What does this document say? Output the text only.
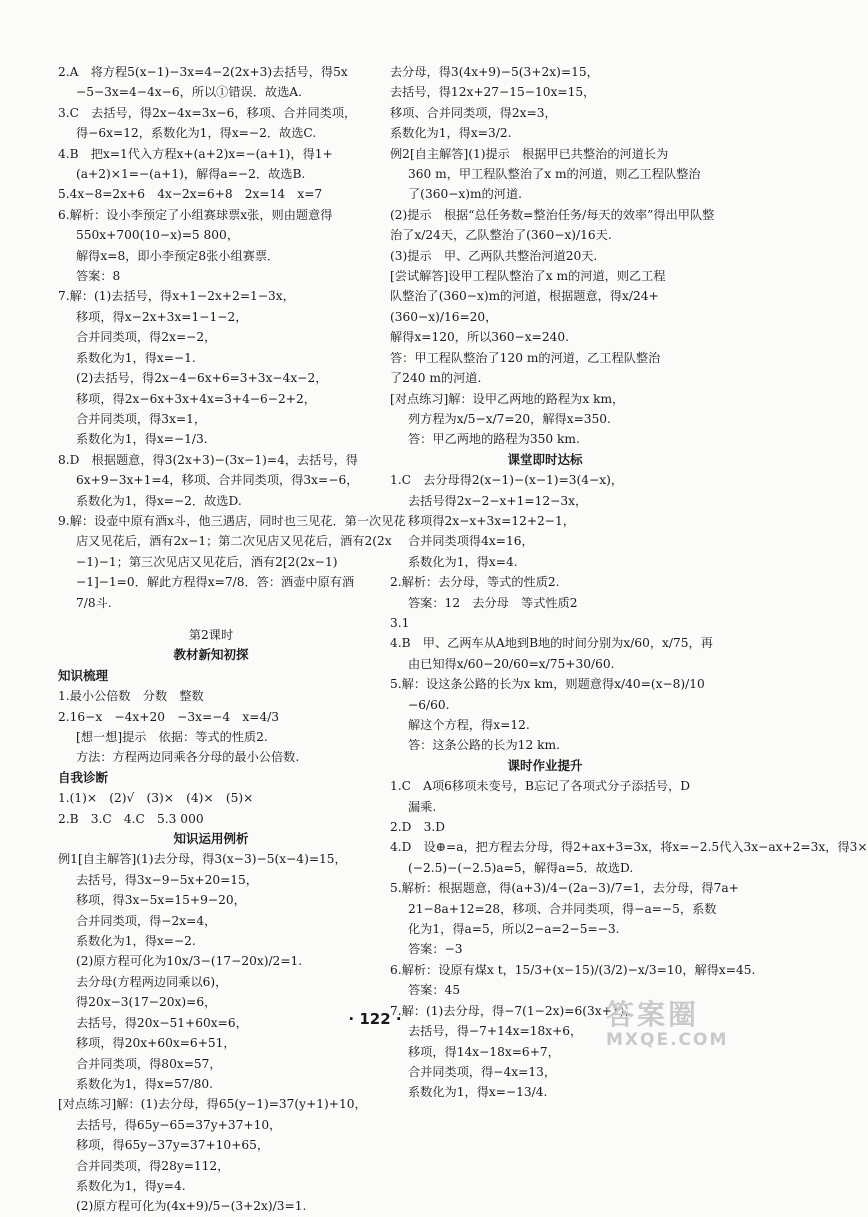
2.A　将方程5(x−1)−3x=4−2(2x+3)去括号，得5x
−5−3x=4−4x−6，所以①错误．故选A.
3.C　去括号，得2x−4x=3x−6，移项、合并同类项，
得−6x=12，系数化为1，得x=−2．故选C.
4.B　把x=1代入方程x+(a+2)x=−(a+1)，得1+
(a+2)×1=−(a+1)，解得a=−2．故选B.
5.4x−8=2x+6　4x−2x=6+8　2x=14　x=7
6.解析：设小李预定了小组赛球票x张，则由题意得
550x+700(10−x)=5 800，
解得x=8，即小李预定8张小组赛票．
答案：8
7.解：(1)去括号，得x+1−2x+2=1−3x，
移项，得x−2x+3x=1−1−2，
合并同类项，得2x=−2，
系数化为1，得x=−1.
(2)去括号，得2x−4−6x+6=3+3x−4x−2，
移项，得2x−6x+3x+4x=3+4−6−2+2，
合并同类项，得3x=1，
系数化为1，得x=−1/3.
8.D　根据题意，得3(2x+3)−(3x−1)=4，去括号，得
6x+9−3x+1=4，移项、合并同类项，得3x=−6，
系数化为1，得x=−2．故选D.
9.解：设壶中原有酒x斗，他三遇店，同时也三见花．第一次见花
店又见花后，酒有2x−1；第二次见店又见花后，酒有2(2x
−1)−1；第三次见店又见花后，酒有2[2(2x−1)
−1]−1=0．解此方程得x=7/8．答：酒壶中原有酒
7/8斗.
第2课时
教材新知初探
知识梳理
1.最小公倍数　分数　整数
2.16−x　−4x+20　−3x=−4　x=4/3
[想一想]提示　依据：等式的性质2.
方法：方程两边同乘各分母的最小公倍数.
自我诊断
1.(1)×　(2)√　(3)×　(4)×　(5)×
2.B　3.C　4.C　5.3 000
知识运用例析
例1[自主解答](1)去分母，得3(x−3)−5(x−4)=15，
去括号，得3x−9−5x+20=15，
移项，得3x−5x=15+9−20，
合并同类项，得−2x=4，
系数化为1，得x=−2.
(2)原方程可化为10x/3−(17−20x)/2=1.
去分母(方程两边同乘以6)，
得20x−3(17−20x)=6，
去括号，得20x−51+60x=6，
移项，得20x+60x=6+51，
合并同类项，得80x=57，
系数化为1，得x=57/80.
[对点练习]解：(1)去分母，得65(y−1)=37(y+1)+10，
去括号，得65y−65=37y+37+10，
移项，得65y−37y=37+10+65，
合并同类项，得28y=112，
系数化为1，得y=4.
(2)原方程可化为(4x+9)/5−(3+2x)/3=1.
去分母，得3(4x+9)−5(3+2x)=15，
去括号，得12x+27−15−10x=15，
移项、合并同类项，得2x=3，
系数化为1，得x=3/2.
例2[自主解答](1)提示　根据甲已共整治的河道长为
360 m，甲工程队整治了x m的河道，则乙工程队整治
了(360−x)m的河道.
(2)提示　根据“总任务数=整治任务/每天的效率”得出甲队整
治了x/24天，乙队整治了(360−x)/16天.
(3)提示　甲、乙两队共整治河道20天.
[尝试解答]设甲工程队整治了x m的河道，则乙工程
队整治了(360−x)m的河道，根据题意，得x/24+
(360−x)/16=20，
解得x=120，所以360−x=240.
答：甲工程队整治了120 m的河道，乙工程队整治
了240 m的河道.
[对点练习]解：设甲乙两地的路程为x km，
列方程为x/5−x/7=20，解得x=350.
答：甲乙两地的路程为350 km.
课堂即时达标
1.C　去分母得2(x−1)−(x−1)=3(4−x)，
去括号得2x−2−x+1=12−3x，
移项得2x−x+3x=12+2−1，
合并同类项得4x=16，
系数化为1，得x=4.
2.解析：去分母，等式的性质2.
答案：12　去分母　等式性质2
3.1
4.B　甲、乙两车从A地到B地的时间分别为x/60，x/75，再
由已知得x/60−20/60=x/75+30/60.
5.解：设这条公路的长为x km，则题意得x/40=(x−8)/10
−6/60.
解这个方程，得x=12.
答：这条公路的长为12 km.
课时作业提升
1.C　A项6移项未变号，B忘记了各项式分子添括号，D
漏乘.
2.D　3.D
4.D　设⊕=a，把方程去分母，得2+ax+3=3x，将x=−2.5代入3x−ax+2=3x，得3×
(−2.5)−(−2.5)a=5，解得a=5．故选D.
5.解析：根据题意，得(a+3)/4−(2a−3)/7=1，去分母，得7a+
21−8a+12=28，移项、合并同类项，得−a=−5，系数
化为1，得a=5，所以2−a=2−5=−3.
答案：−3
6.解析：设原有煤x t，15/3+(x−15)/(3/2)−x/3=10，解得x=45.
答案：45
7.解：(1)去分母，得−7(1−2x)=6(3x+1)，
去括号，得−7+14x=18x+6，
移项，得14x−18x=6+7，
合并同类项，得−4x=13，
系数化为1，得x=−13/4.
· 122 ·	答案圈
MXQE.COM
